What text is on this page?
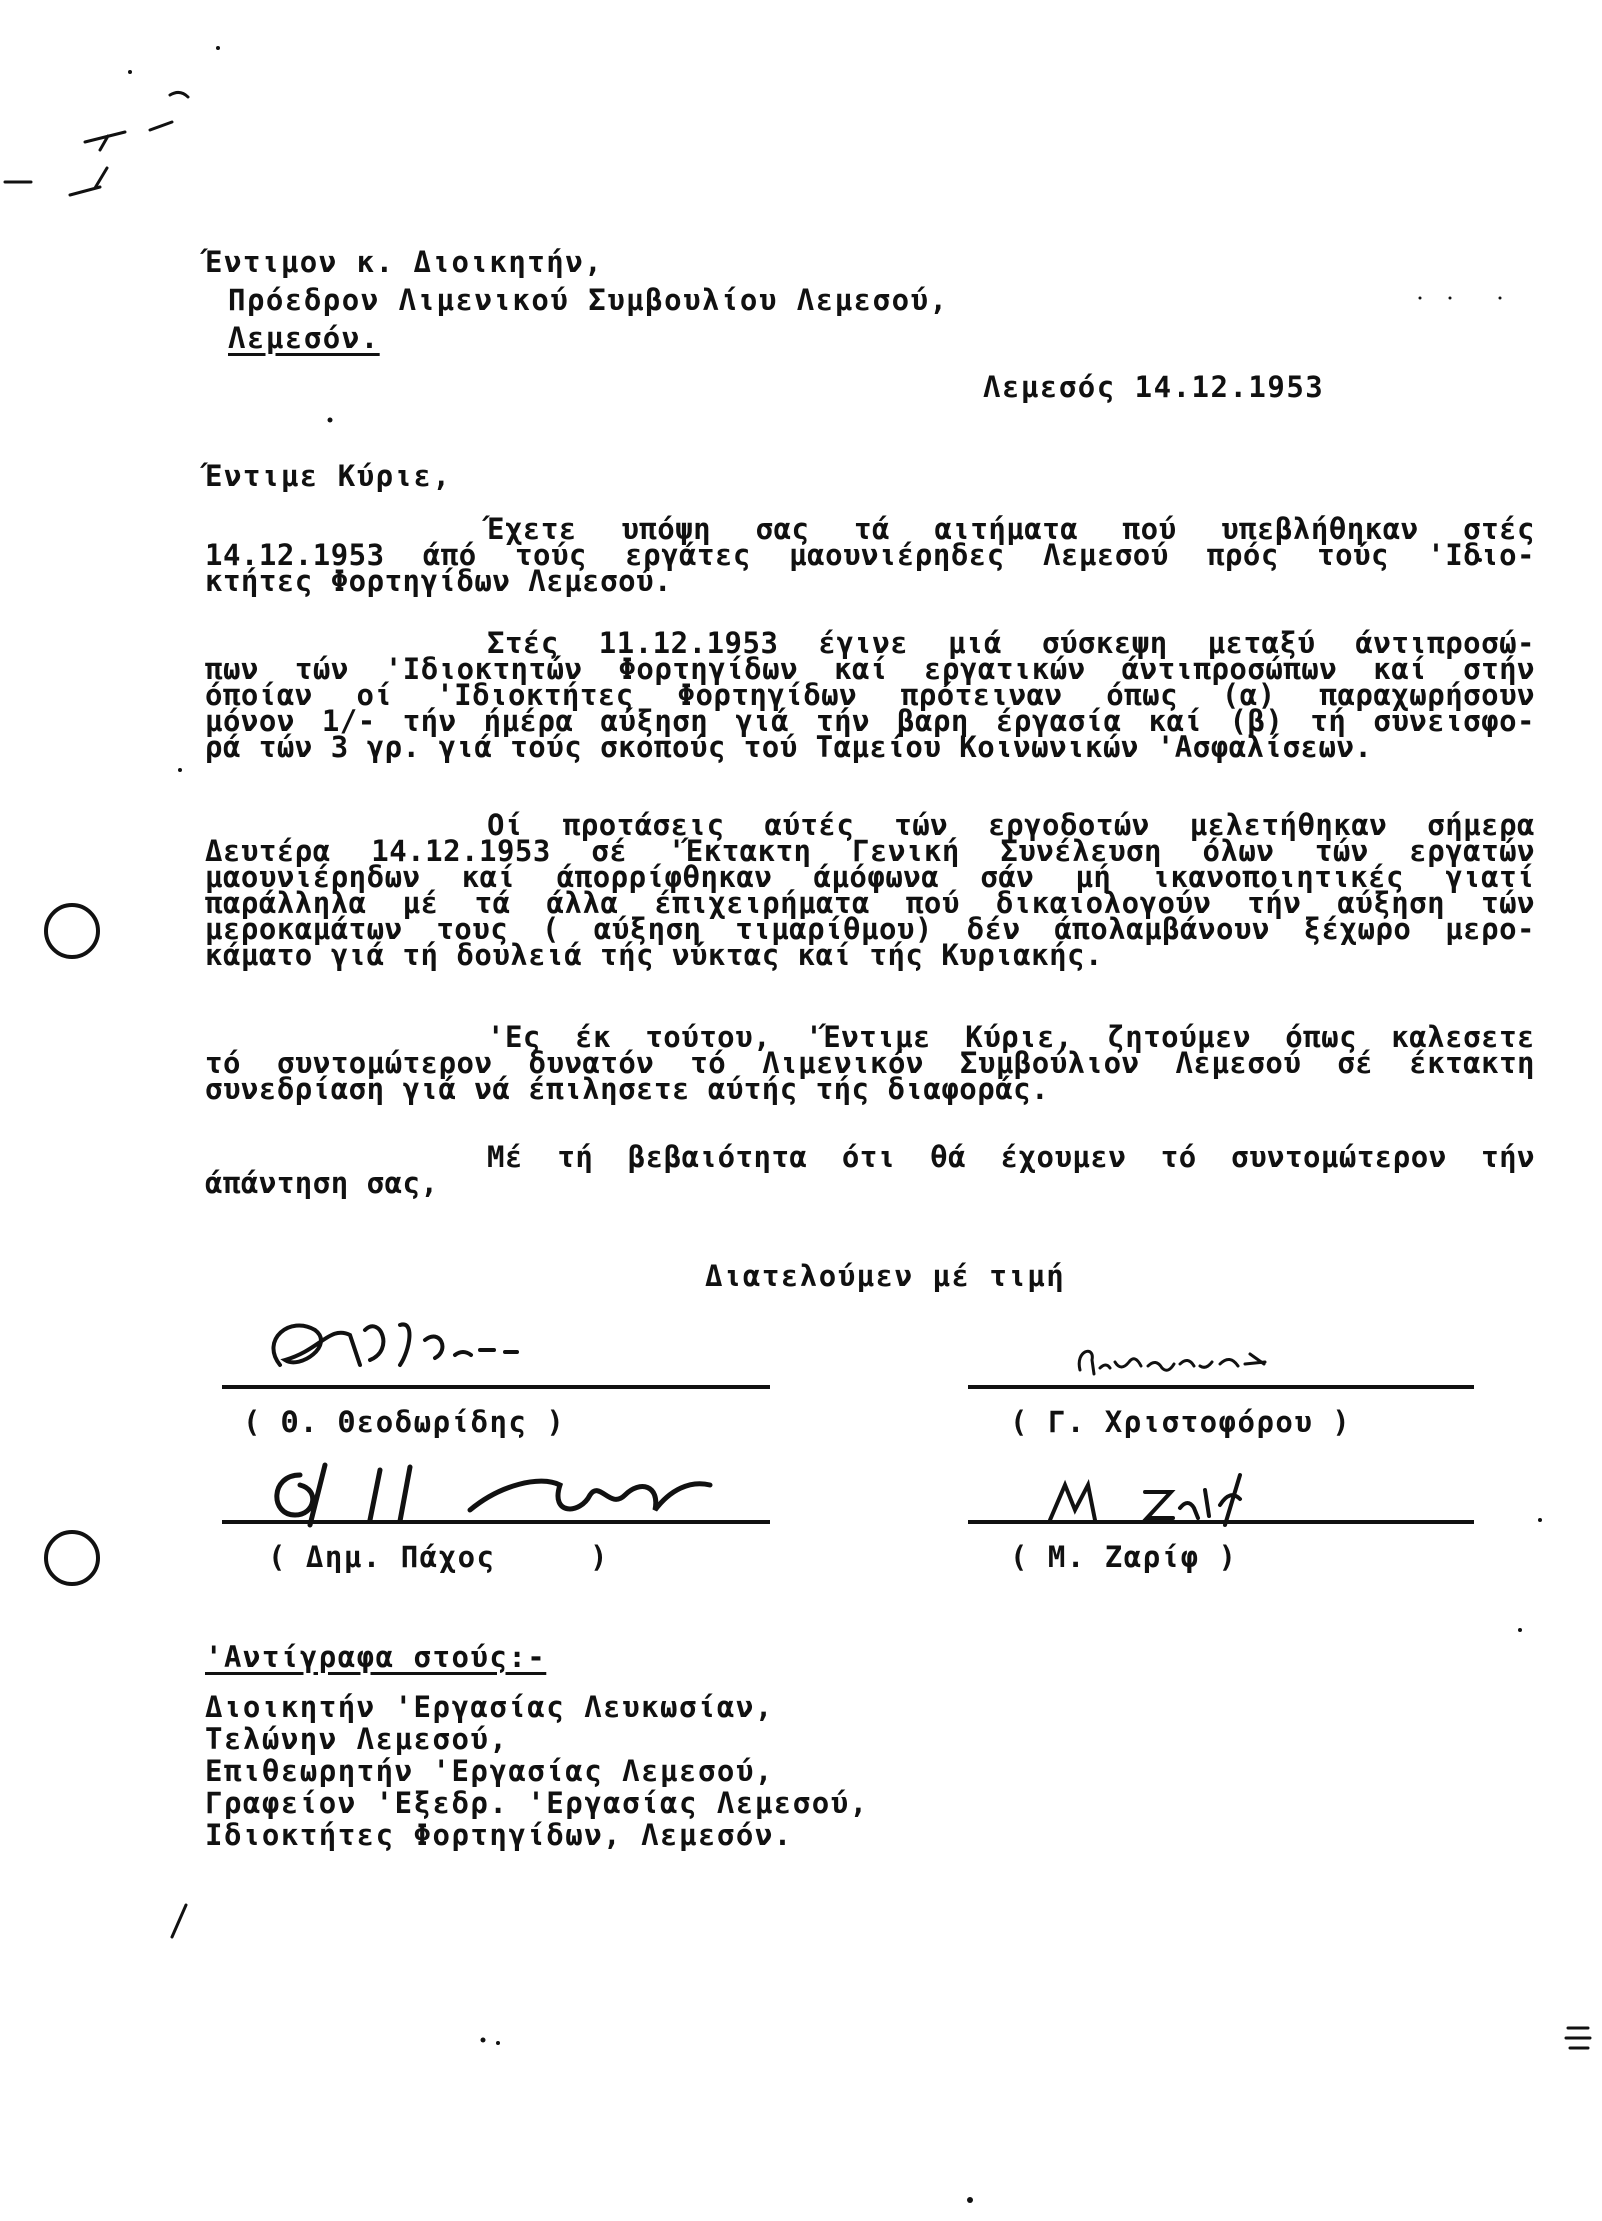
Έντιμον κ. Διοικητήν,
Πρόεδρον Λιμενικού Συμβουλίου Λεμεσού,
Λεμεσόν.
Λεμεσός 14.12.1953
Έντιμε Κύριε,
Έχετε υπόψη σας τά αιτήματα πού υπεβλήθηκαν στές
14.12.1953 άπό τούς εργάτες μαουνιέρηδες Λεμεσού πρός τούς 'Ιδιο-
κτήτες Φορτηγίδων Λεμεσού.
Στές 11.12.1953 έγινε μιά σύσκεψη μεταξύ άντιπροσώ-
πων τών 'Ιδιοκτητών Φορτηγίδων καί εργατικών άντιπροσώπων καί στήν
όποίαν οί 'Ιδιοκτήτες Φορτηγίδων πρότειναν όπως (α) παραχωρήσουν
μόνον 1/- τήν ήμέρα αύξηση γιά τήν βαρη έργασία καί (β) τή συνεισφο-
ρά τών 3 γρ. γιά τούς σκοπούς τού Ταμείου Κοινωνικών 'Ασφαλίσεων.
Οί προτάσεις αύτές τών εργοδοτών μελετήθηκαν σήμερα
Δευτέρα 14.12.1953 σέ 'Έκτακτη Γενική Συνέλευση όλων τών εργατών
μαουνιέρηδων καί άπορρίφθηκαν άμόφωνα σάν μή ικανοποιητικές γιατί
παράλληλα μέ τά άλλα έπιχειρήματα πού δικαιολογούν τήν αύξηση τών
μεροκαμάτων τους ( αύξηση τιμαρίθμου) δέν άπολαμβάνουν ξέχωρο μερο-
κάματο γιά τή δουλειά τής νύκτας καί τής Κυριακής.
'Ες έκ τούτου, 'Έντιμε Κύριε, ζητούμεν όπως καλεσετε
τό συντομώτερον δυνατόν τό Λιμενικόν Συμβούλιον Λεμεσού σέ έκτακτη
συνεδρίαση γιά νά έπιλησετε αύτής τής διαφοράς.
Μέ τή βεβαιότητα ότι θά έχουμεν τό συντομώτερον τήν
άπάντηση σας,
Διατελούμεν μέ τιμή
( Θ. Θεοδωρίδης )	( Γ. Χριστοφόρου )
( Δημ. Πάχος	)	( Μ. Ζαρίφ )
'Αντίγραφα στούς:-
Διοικητήν 'Εργασίας Λευκωσίαν,
Τελώνην Λεμεσού,
Επιθεωρητήν 'Εργασίας Λεμεσού,
Γραφείον 'Εξεδρ. 'Εργασίας Λεμεσού,
Ιδιοκτήτες Φορτηγίδων, Λεμεσόν.
